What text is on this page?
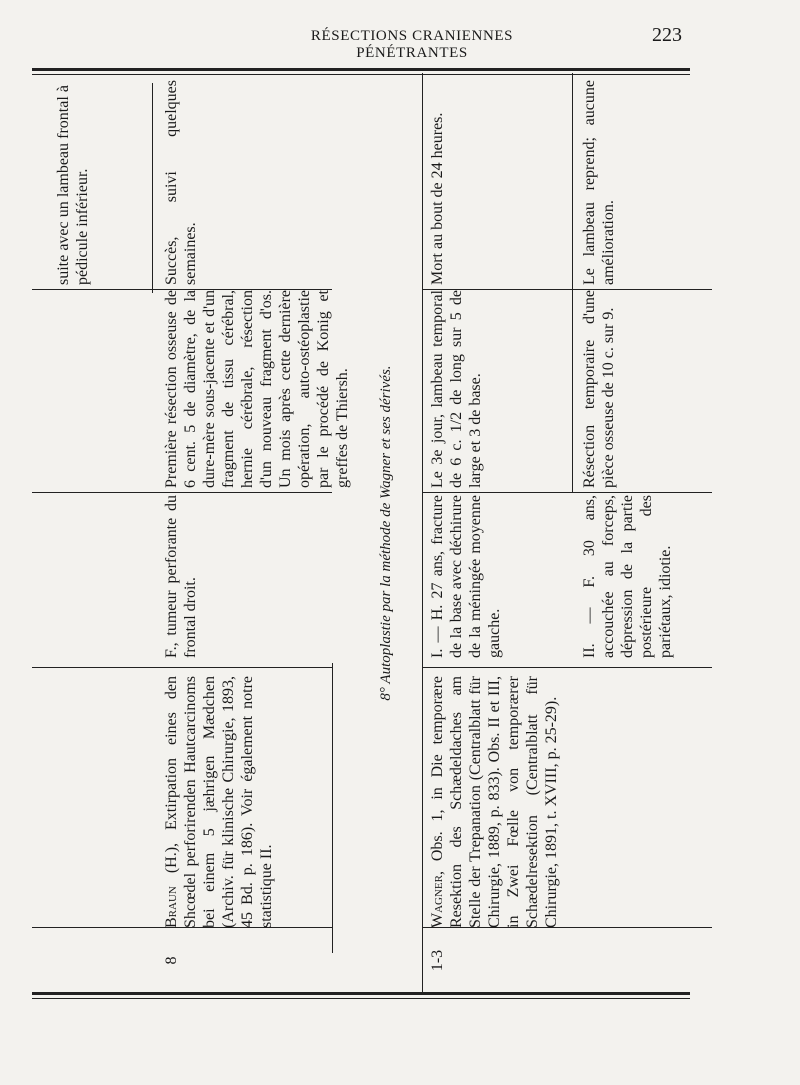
RÉSECTIONS CRANIENNES PÉNÉTRANTES
223

suite avec un lambeau frontal à pédicule inférieur.

8

Braun (H.), Extirpation eines den Shcœdel perforirenden Hautcarcinoms bei einem 5 jæhrigen Mædchen (Archiv. für klinische Chirurgie, 1893, 45 Bd. p. 186). Voir également notre statistique II.

F., tumeur perforante du frontal droit.

Première résection osseuse de 6 cent. 5 de diamètre, de la dure-mère sous-jacente et d'un fragment de tissu cérébral, hernie cérébrale, résection d'un nouveau fragment d'os. Un mois après cette dernière opération, auto-ostéoplastie par le procédé de Konig et greffes de Thiersh.

Succès, suivi quelques semaines.

8° Autoplastie par la méthode de Wagner et ses dérivés.
1-3

Wagner, Obs. 1, in Die temporære Resektion des Schædeldaches am Stelle der Trepanation (Centralblatt für Chirurgie, 1889, p. 833). Obs. II et III, in Zwei Fœlle von temporærer Schædelresektion (Centralblatt für Chirurgie, 1891, t. XVIII, p. 25-29).

I. — H. 27 ans, fracture de la base avec déchirure de la méningée moyenne gauche.

Le 3e jour, lambeau temporal de 6 c. 1/2 de long sur 5 de large et 3 de base.

Mort au bout de 24 heures.

II. — F. 30 ans, accouchée au forceps, dépression de la partie postérieure des pariétaux, idiotie.

Résection temporaire d'une pièce osseuse de 10 c. sur 9.

Le lambeau reprend; aucune amélioration.
